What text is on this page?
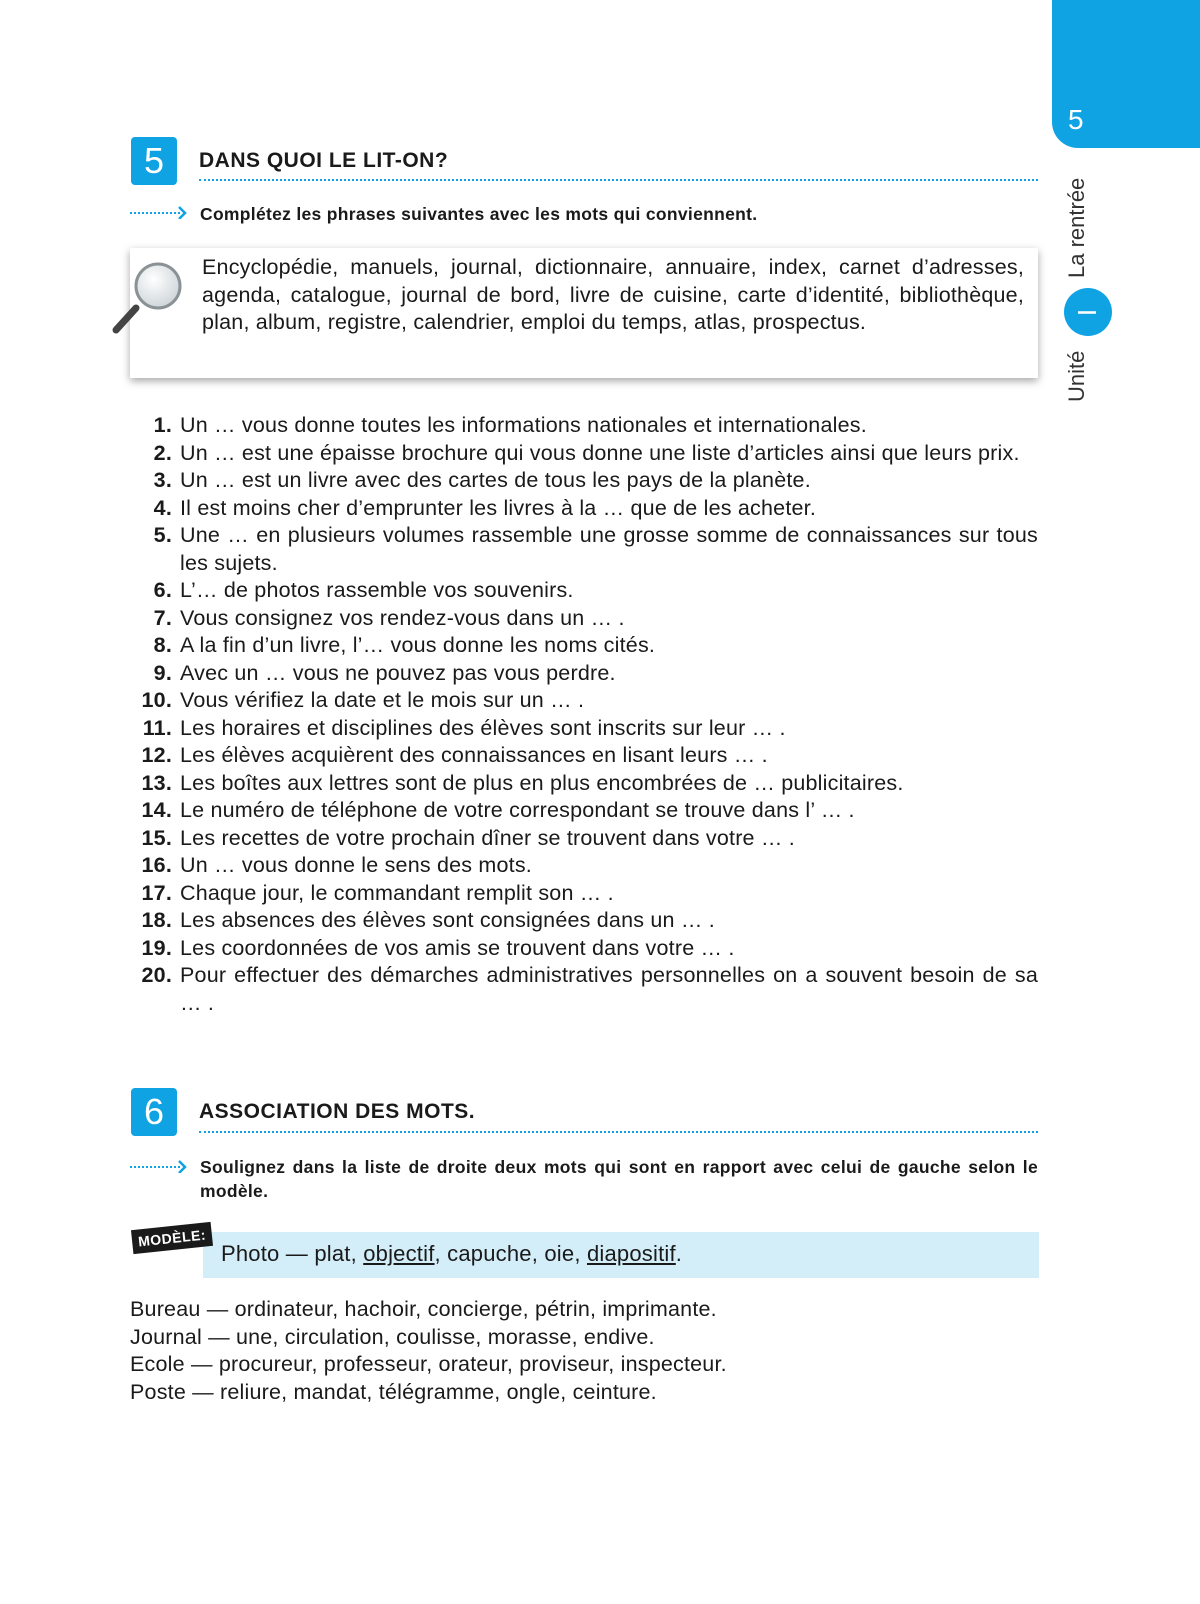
5
Unité
La rentrée
I
5	DANS QUOI LE LIT-ON?
Complétez les phrases suivantes avec les mots qui conviennent.
Encyclopédie, manuels, journal, dictionnaire, annuaire, index, carnet d’adresses, agenda, catalogue, journal de bord, livre de cuisine, carte d’identité, bibliothèque, plan, album, registre, calendrier, emploi du temps, atlas, prospectus.
1. Un … vous donne toutes les informations nationales et internationales.
2. Un … est une épaisse brochure qui vous donne une liste d’articles ainsi que leurs prix.
3. Un … est un livre avec des cartes de tous les pays de la planète.
4. Il est moins cher d’emprunter les livres à la … que de les acheter.
5. Une … en plusieurs volumes rassemble une grosse somme de connaissances sur tous les sujets.
6. L’… de photos rassemble vos souvenirs.
7. Vous consignez vos rendez-vous dans un … .
8. A la fin d’un livre, l’… vous donne les noms cités.
9. Avec un … vous ne pouvez pas vous perdre.
10. Vous vérifiez la date et le mois sur un … .
11. Les horaires et disciplines des élèves sont inscrits sur leur … .
12. Les élèves acquièrent des connaissances en lisant leurs … .
13. Les boîtes aux lettres sont de plus en plus encombrées de … publicitaires.
14. Le numéro de téléphone de votre correspondant se trouve dans l’ … .
15. Les recettes de votre prochain dîner se trouvent dans votre … .
16. Un … vous donne le sens des mots.
17. Chaque jour, le commandant remplit son … .
18. Les absences des élèves sont consignées dans un … .
19. Les coordonnées de vos amis se trouvent dans votre … .
20. Pour effectuer des démarches administratives personnelles on a souvent besoin de sa … .
6	ASSOCIATION DES MOTS.
Soulignez dans la liste de droite deux mots qui sont en rapport avec celui de gauche selon le modèle.
Photo — plat, objectif, capuche, oie, diapositif.
MODÈLE:
Bureau — ordinateur, hachoir, concierge, pétrin, imprimante.
Journal — une, circulation, coulisse, morasse, endive.
Ecole — procureur, professeur, orateur, proviseur, inspecteur.
Poste — reliure, mandat, télégramme, ongle, ceinture.
